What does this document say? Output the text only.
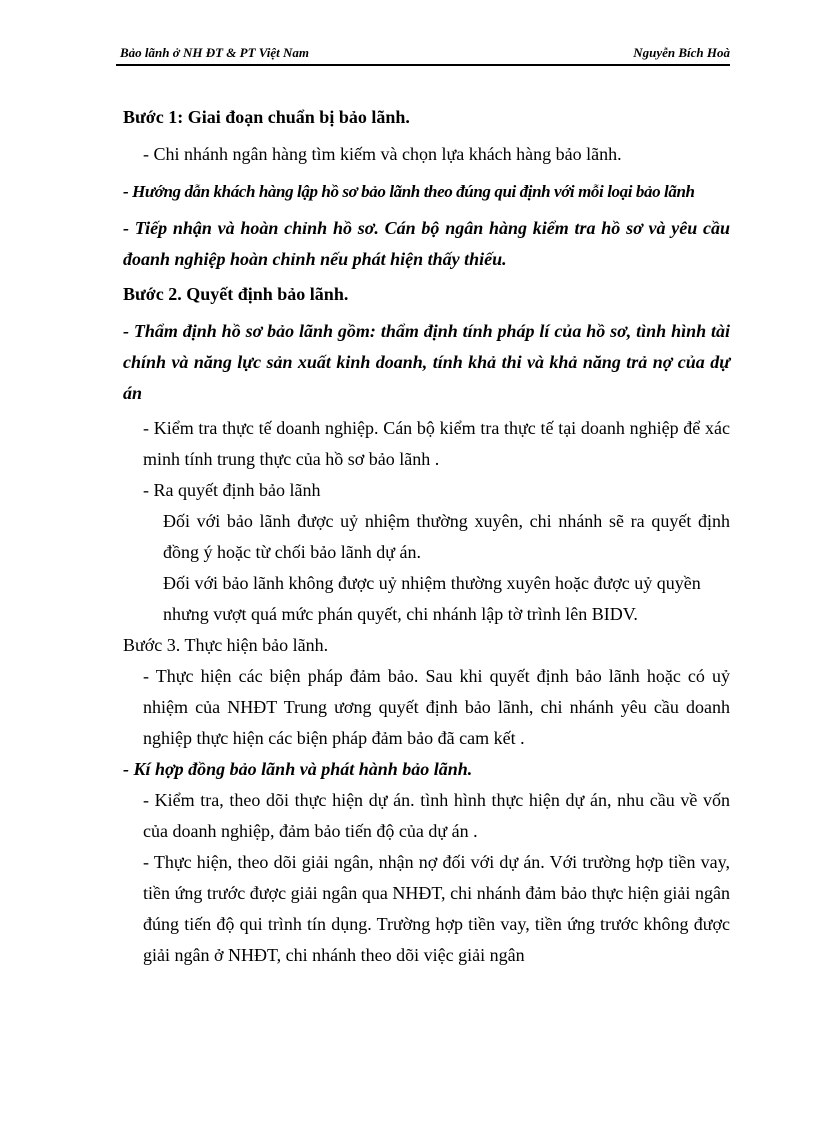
Bảo lãnh ở NH ĐT & PT Việt Nam	Nguyễn Bích Hoà

Bước 1: Giai đoạn chuẩn bị bảo lãnh.

- Chi nhánh ngân hàng tìm kiếm và chọn lựa khách hàng bảo lãnh.

- Hướng dẫn khách hàng lập hồ sơ bảo lãnh theo đúng qui định với mỗi loại bảo lãnh

- Tiếp nhận và hoàn chỉnh hồ sơ. Cán bộ ngân hàng kiểm tra hồ sơ và yêu cầu đoanh nghiệp hoàn chỉnh nếu phát hiện thấy thiếu.

Bước 2. Quyết định bảo lãnh.

- Thẩm định hồ sơ bảo lãnh gồm: thẩm định tính pháp lí của hồ sơ, tình hình tài chính và năng lực sản xuất kinh doanh, tính khả thi và khả năng trả nợ của dự án

- Kiểm tra thực tế doanh nghiệp. Cán bộ kiểm tra thực tế tại doanh nghiệp để xác minh tính trung thực của hồ sơ bảo lãnh .

- Ra quyết định bảo lãnh

Đối với bảo lãnh được uỷ nhiệm thường xuyên, chi nhánh sẽ ra quyết định đồng ý hoặc từ chối bảo lãnh dự án.

Đối với bảo lãnh không được uỷ nhiệm thường xuyên hoặc được uỷ quyền nhưng vượt quá mức phán quyết, chi nhánh lập tờ trình lên BIDV.

Bước 3. Thực hiện bảo lãnh.

- Thực hiện các biện pháp đảm bảo. Sau khi quyết định bảo lãnh hoặc có uỷ nhiệm của NHĐT Trung ương quyết định bảo lãnh, chi nhánh yêu cầu doanh nghiệp thực hiện các biện pháp đảm bảo đã cam kết .

- Kí hợp đồng bảo lãnh và phát hành bảo lãnh.

- Kiểm tra, theo dõi thực hiện dự án. tình hình thực hiện dự án, nhu cầu về vốn của doanh nghiệp, đảm bảo tiến độ của dự án .

- Thực hiện, theo dõi giải ngân, nhận nợ đối với dự án. Với trường hợp tiền vay, tiền ứng trước được giải ngân qua NHĐT, chi nhánh đảm bảo thực hiện giải ngân đúng tiến độ qui trình tín dụng. Trường hợp tiền vay, tiền ứng trước không được giải ngân ở NHĐT, chi nhánh theo dõi việc giải ngân
